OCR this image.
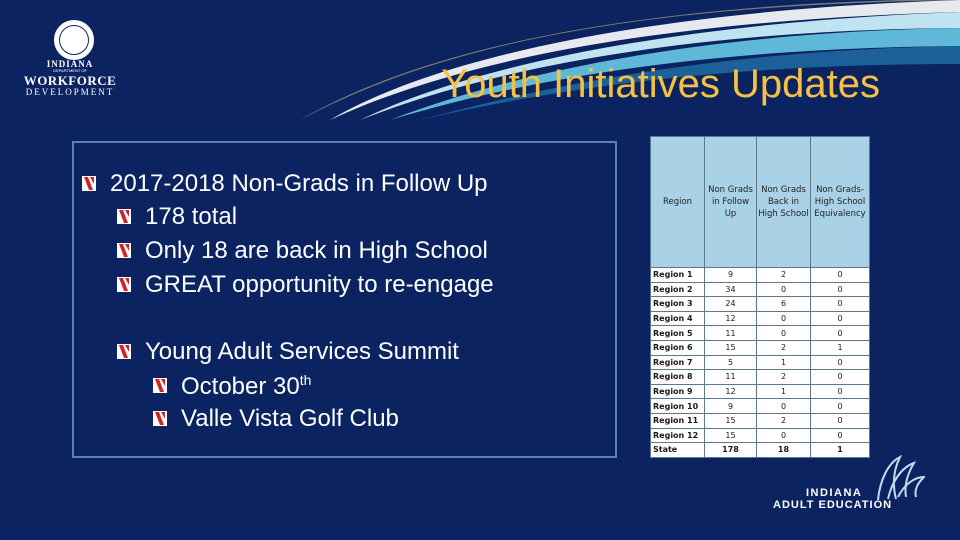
INDIANA
DEPARTMENT OF
WORKFORCE
DEVELOPMENT	Youth Initiatives Updates
2017-2018 Non-Grads in Follow Up
178 total
Only 18 are back in High School
GREAT opportunity to re-engage
Young Adult Services Summit
October 30th
Valle Vista Golf Club
Region	Non Grads in Follow Up	Non Grads Back in High School	Non Grads-High School Equivalency
Region 1	9	2	0
Region 2	34	0	0
Region 3	24	6	0
Region 4	12	0	0
Region 5	11	0	0
Region 6	15	2	1
Region 7	5	1	0
Region 8	11	2	0
Region 9	12	1	0
Region 10	9	0	0
Region 11	15	2	0
Region 12	15	0	0
State	178	18	1
INDIANA
ADULT EDUCATION
